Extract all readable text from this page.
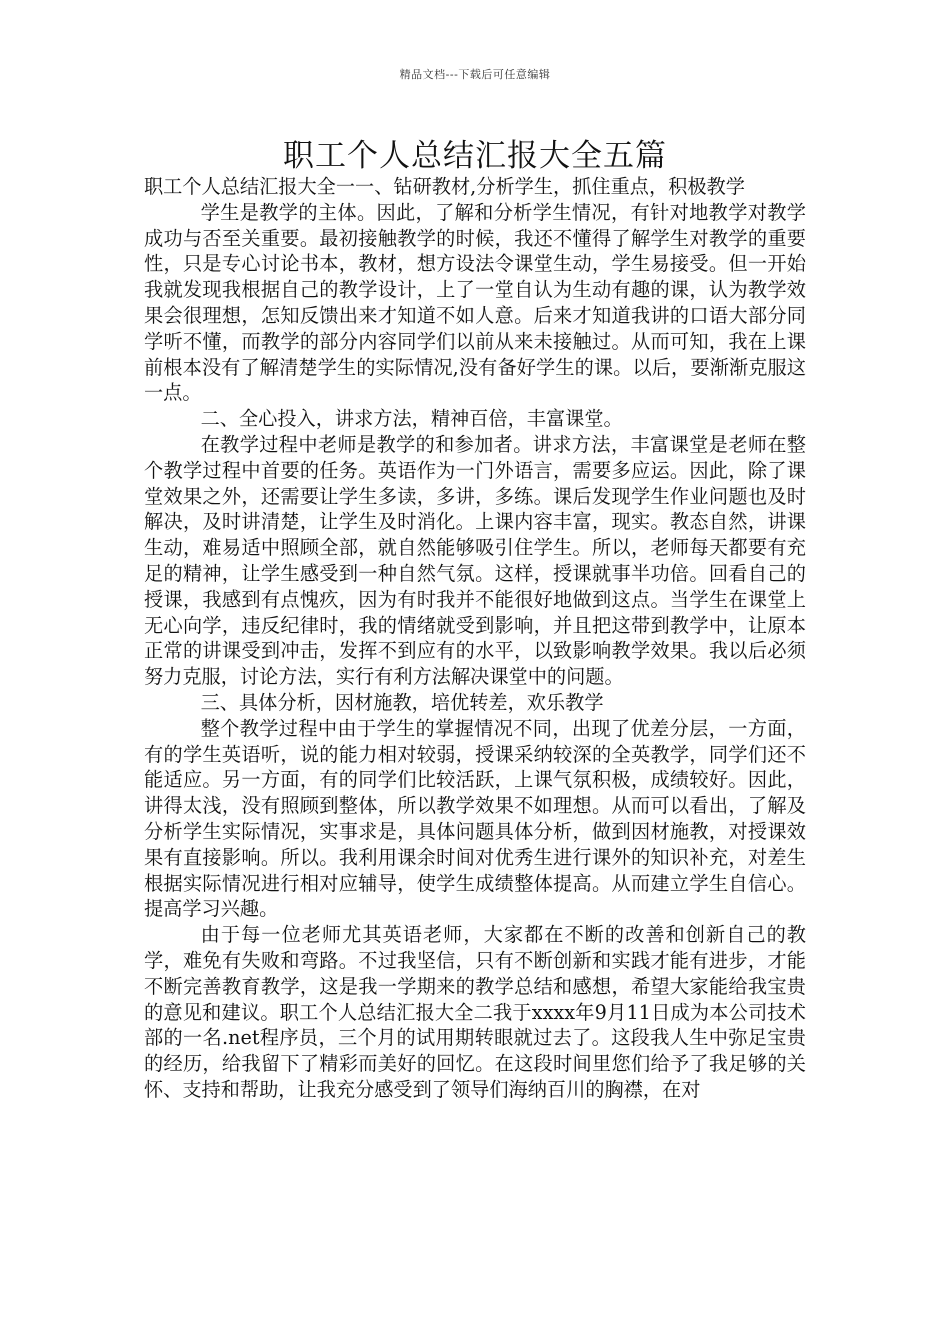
精品文档---下载后可任意编辑
职工个人总结汇报大全五篇

职工个人总结汇报大全一一、钻研教材,分析学生，抓住重点，积极教学

学生是教学的主体。因此，了解和分析学生情况，有针对地教学对教学成功与否至关重要。最初接触教学的时候，我还不懂得了解学生对教学的重要性，只是专心讨论书本，教材，想方设法令课堂生动，学生易接受。但一开始我就发现我根据自己的教学设计，上了一堂自认为生动有趣的课，认为教学效果会很理想，怎知反馈出来才知道不如人意。后来才知道我讲的口语大部分同学听不懂，而教学的部分内容同学们以前从来未接触过。从而可知，我在上课前根本没有了解清楚学生的实际情况,没有备好学生的课。以后，要渐渐克服这一点。

二、全心投入，讲求方法，精神百倍，丰富课堂。

在教学过程中老师是教学的和参加者。讲求方法，丰富课堂是老师在整个教学过程中首要的任务。英语作为一门外语言，需要多应运。因此，除了课堂效果之外，还需要让学生多读，多讲，多练。课后发现学生作业问题也及时解决，及时讲清楚，让学生及时消化。上课内容丰富，现实。教态自然，讲课生动，难易适中照顾全部，就自然能够吸引住学生。所以，老师每天都要有充足的精神，让学生感受到一种自然气氛。这样，授课就事半功倍。回看自己的授课，我感到有点愧疚，因为有时我并不能很好地做到这点。当学生在课堂上无心向学，违反纪律时，我的情绪就受到影响，并且把这带到教学中，让原本正常的讲课受到冲击，发挥不到应有的水平，以致影响教学效果。我以后必须努力克服，讨论方法，实行有利方法解决课堂中的问题。

三、具体分析，因材施教，培优转差，欢乐教学

整个教学过程中由于学生的掌握情况不同，出现了优差分层，一方面，有的学生英语听，说的能力相对较弱，授课采纳较深的全英教学，同学们还不能适应。另一方面，有的同学们比较活跃，上课气氛积极，成绩较好。因此，讲得太浅，没有照顾到整体，所以教学效果不如理想。从而可以看出，了解及分析学生实际情况，实事求是，具体问题具体分析，做到因材施教，对授课效果有直接影响。所以。我利用课余时间对优秀生进行课外的知识补充，对差生根据实际情况进行相对应辅导，使学生成绩整体提高。从而建立学生自信心。提高学习兴趣。

由于每一位老师尤其英语老师，大家都在不断的改善和创新自己的教学，难免有失败和弯路。不过我坚信，只有不断创新和实践才能有进步，才能不断完善教育教学，这是我一学期来的教学总结和感想，希望大家能给我宝贵的意见和建议。职工个人总结汇报大全二我于xxxx年9月11日成为本公司技术部的一名.net程序员，三个月的试用期转眼就过去了。这段我人生中弥足宝贵的经历，给我留下了精彩而美好的回忆。在这段时间里您们给予了我足够的关怀、支持和帮助，让我充分感受到了领导们海纳百川的胸襟，在对
